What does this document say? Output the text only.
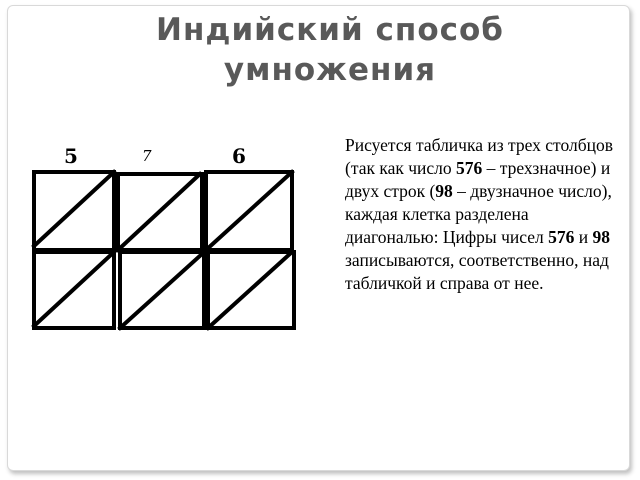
Индийский способ умножения
5	7	6	Рисуется табличка из трех столбцов (так как число 576 – трехзначное) и двух строк (98 – двузначное число), каждая клетка разделена диагональю: Цифры чисел 576 и 98 записываются, соответственно, над табличкой и справа от нее.
